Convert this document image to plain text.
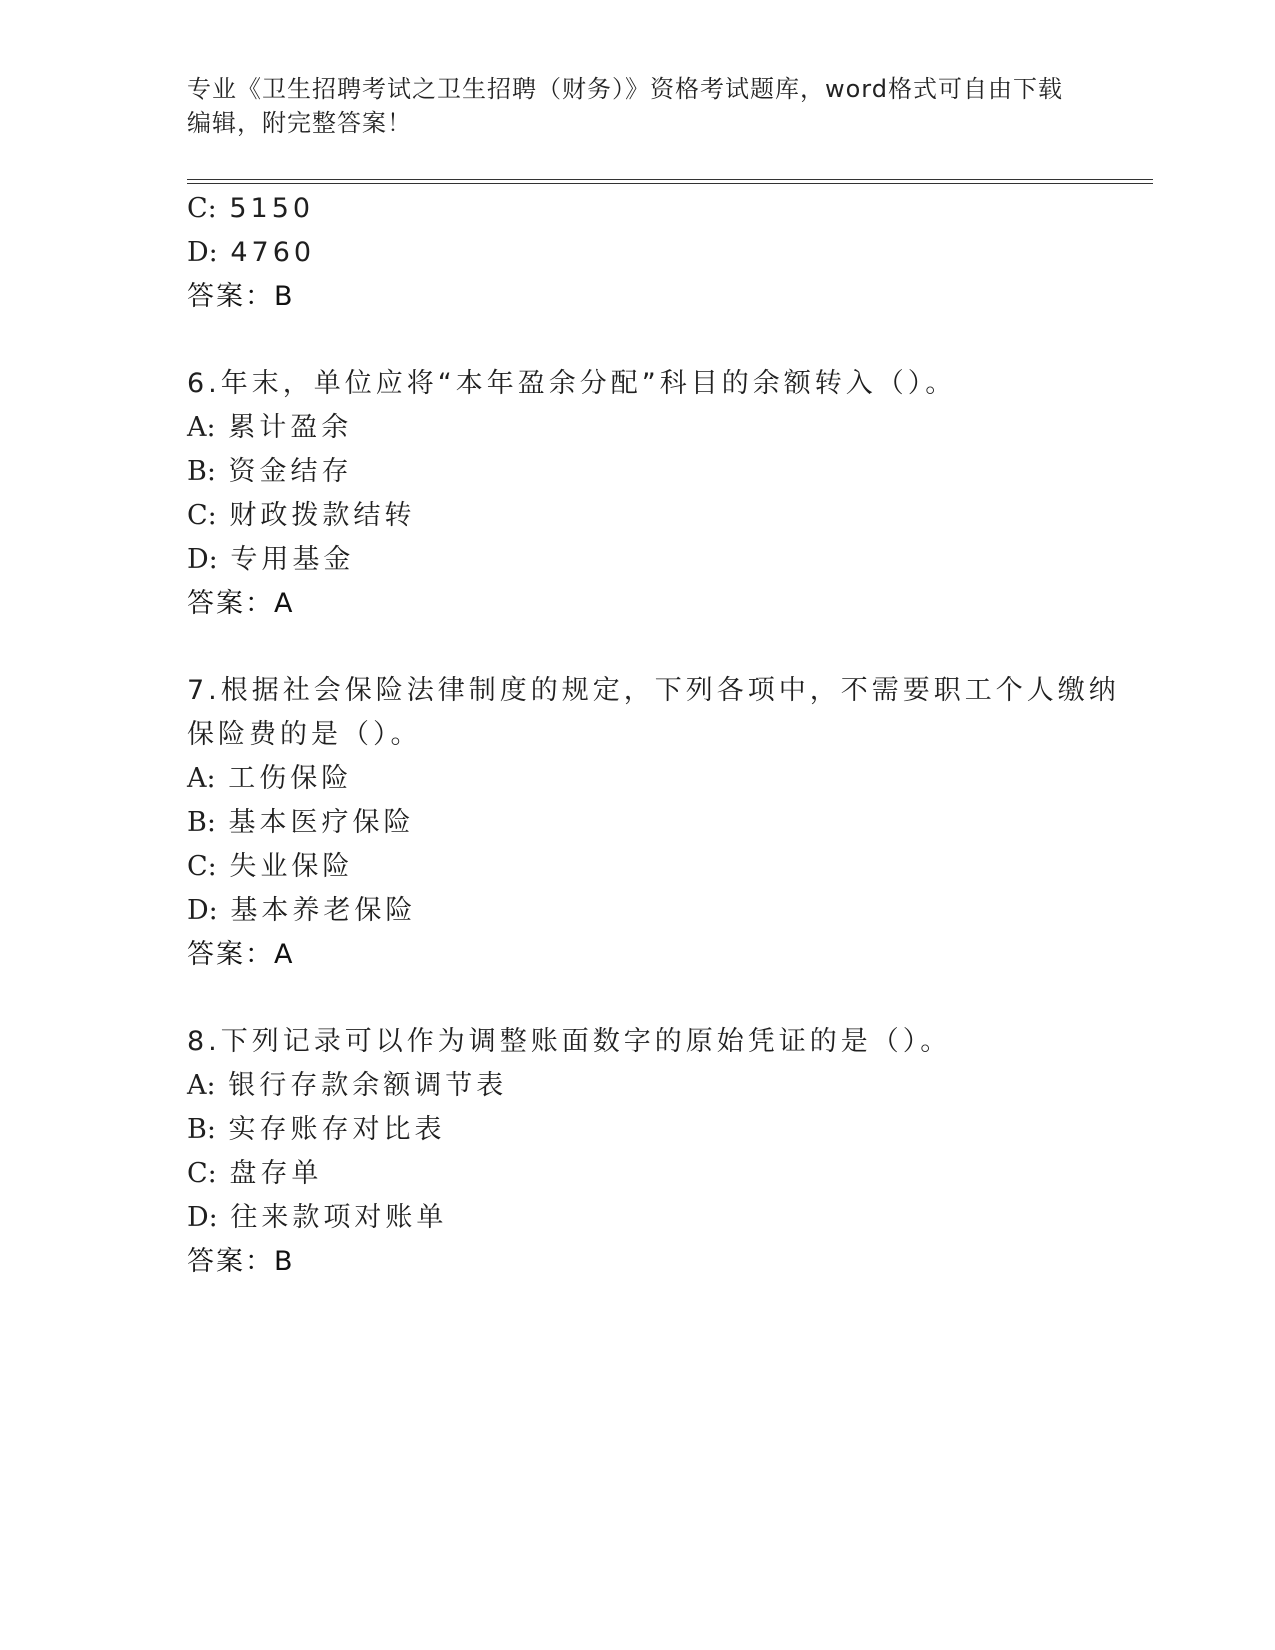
专业《卫生招聘考试之卫生招聘（财务）》资格考试题库，word格式可自由下载编辑，附完整答案！
C: 5150
D: 4760
答案：B
6.年末，单位应将“本年盈余分配”科目的余额转入（）。
A: 累计盈余
B: 资金结存
C: 财政拨款结转
D: 专用基金
答案：A
7.根据社会保险法律制度的规定，下列各项中，不需要职工个人缴纳
保险费的是（）。
A: 工伤保险
B: 基本医疗保险
C: 失业保险
D: 基本养老保险
答案：A
8.下列记录可以作为调整账面数字的原始凭证的是（）。
A: 银行存款余额调节表
B: 实存账存对比表
C: 盘存单
D: 往来款项对账单
答案：B
